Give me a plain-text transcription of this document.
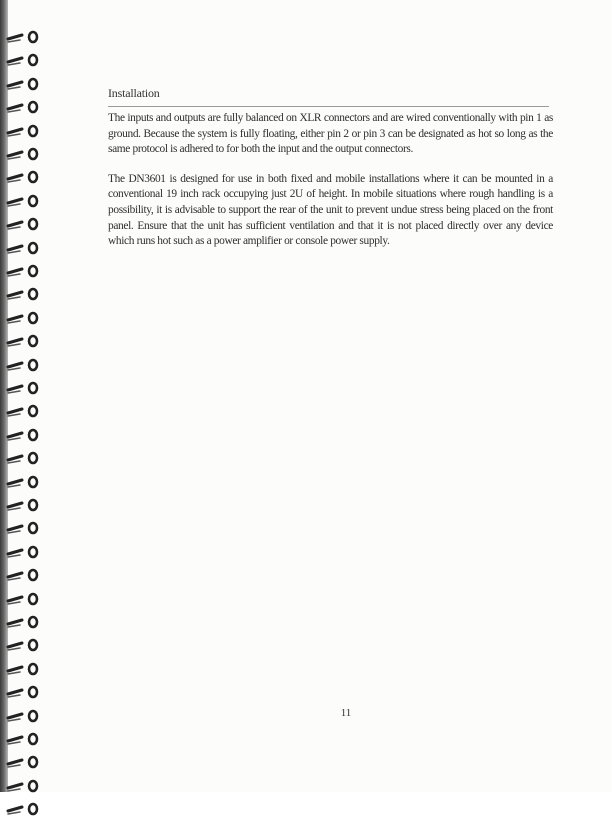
Installation

The inputs and outputs are fully balanced on XLR connectors and are wired conventionally with pin 1 as ground. Because the system is fully floating, either pin 2 or pin 3 can be designated as hot so long as the same protocol is adhered to for both the input and the output connectors.

The DN3601 is designed for use in both fixed and mobile installations where it can be mounted in a conventional 19 inch rack occupying just 2U of height. In mobile situations where rough handling is a possibility, it is advisable to support the rear of the unit to prevent undue stress being placed on the front panel. Ensure that the unit has sufficient ventilation and that it is not placed directly over any device which runs hot such as a power amplifier or console power supply.

11
